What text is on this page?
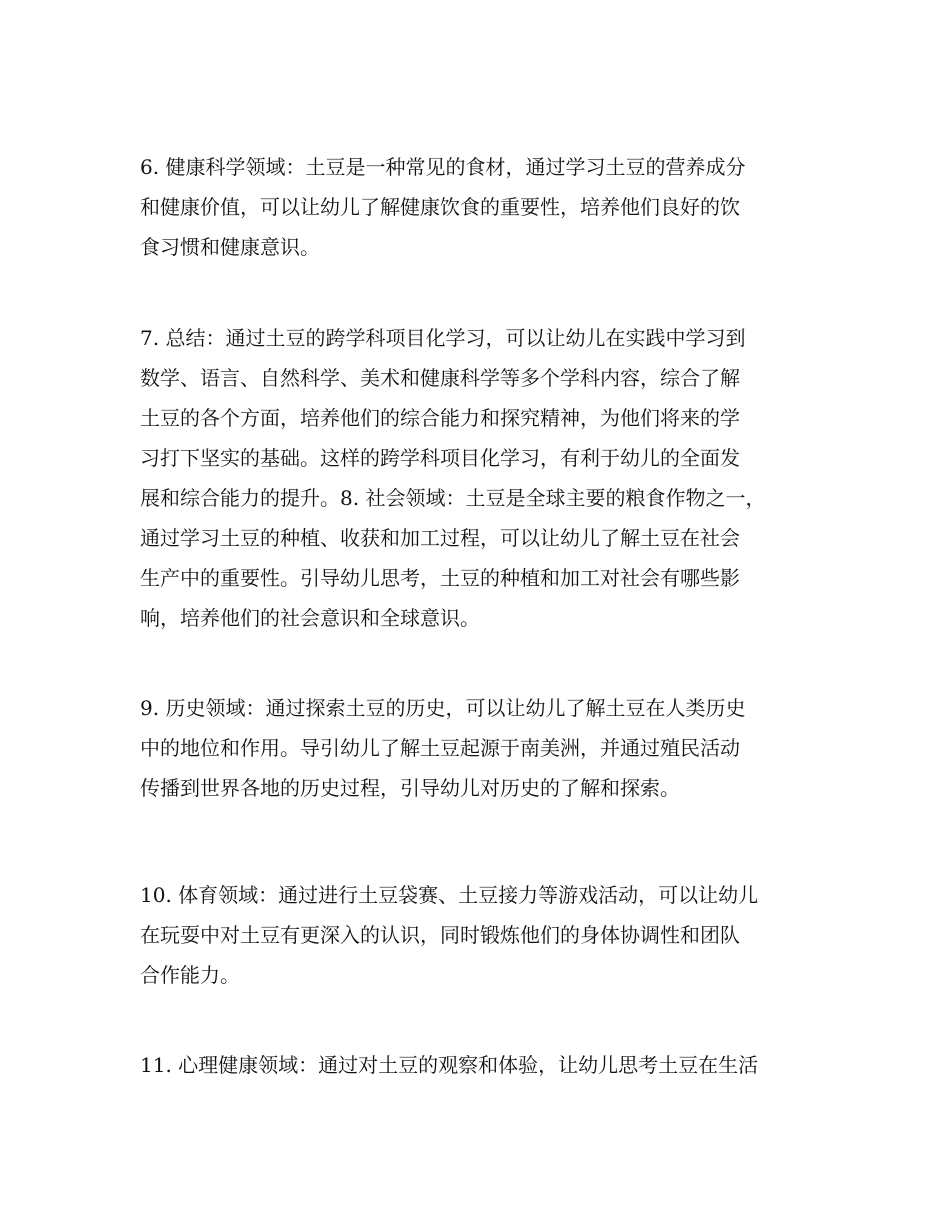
6. 健康科学领域：土豆是一种常见的食材，通过学习土豆的营养成分
和健康价值，可以让幼儿了解健康饮食的重要性，培养他们良好的饮
食习惯和健康意识。
7. 总结：通过土豆的跨学科项目化学习，可以让幼儿在实践中学习到
数学、语言、自然科学、美术和健康科学等多个学科内容，综合了解
土豆的各个方面，培养他们的综合能力和探究精神，为他们将来的学
习打下坚实的基础。这样的跨学科项目化学习，有利于幼儿的全面发
展和综合能力的提升。8. 社会领域：土豆是全球主要的粮食作物之一，
通过学习土豆的种植、收获和加工过程，可以让幼儿了解土豆在社会
生产中的重要性。引导幼儿思考，土豆的种植和加工对社会有哪些影
响，培养他们的社会意识和全球意识。
9. 历史领域：通过探索土豆的历史，可以让幼儿了解土豆在人类历史
中的地位和作用。导引幼儿了解土豆起源于南美洲，并通过殖民活动
传播到世界各地的历史过程，引导幼儿对历史的了解和探索。
10. 体育领域：通过进行土豆袋赛、土豆接力等游戏活动，可以让幼儿
在玩耍中对土豆有更深入的认识，同时锻炼他们的身体协调性和团队
合作能力。
11. 心理健康领域：通过对土豆的观察和体验，让幼儿思考土豆在生活
